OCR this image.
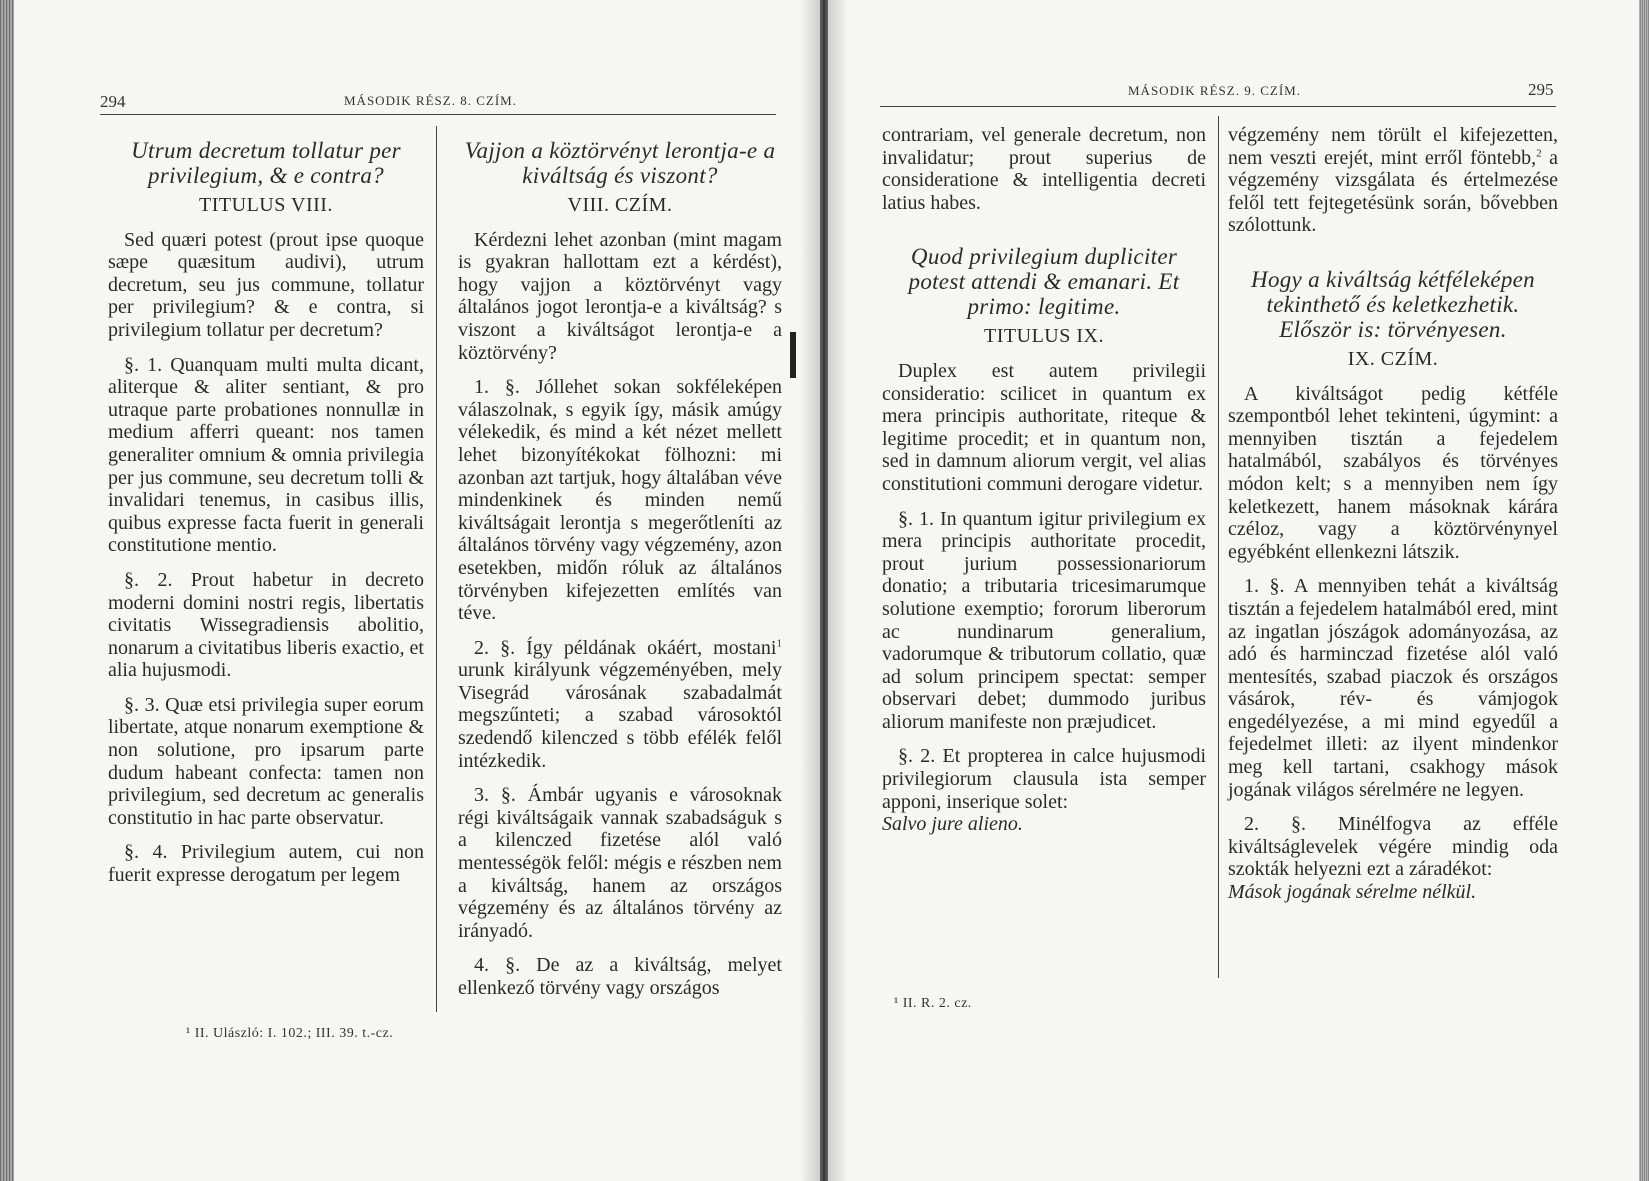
294	MÁSODIK RÉSZ. 8. CZÍM.
Utrum decretum tollatur per privilegium, & e contra?
TITULUS VIII.

Sed quæri potest (prout ipse quoque sæpe quæsitum audivi), utrum decretum, seu jus commune, tollatur per privilegium? & e contra, si privilegium tollatur per decretum?

§. 1. Quanquam multi multa dicant, aliterque & aliter sentiant, & pro utraque parte probationes nonnullæ in medium afferri queant: nos tamen generaliter omnium & omnia privilegia per jus commune, seu decretum tolli & invalidari tenemus, in casibus illis, quibus expresse facta fuerit in generali constitutione mentio.

§. 2. Prout habetur in decreto moderni domini nostri regis, libertatis civitatis Wissegradiensis abolitio, nonarum a civitatibus liberis exactio, et alia hujusmodi.

§. 3. Quæ etsi privilegia super eorum libertate, atque nonarum exemptione & non solutione, pro ipsarum parte dudum habeant confecta: tamen non privilegium, sed decretum ac generalis constitutio in hac parte observatur.

§. 4. Privilegium autem, cui non fuerit expresse derogatum per legem

Vajjon a köztörvényt lerontja-e a kiváltság és viszont?
VIII. CZÍM.

Kérdezni lehet azonban (mint magam is gyakran hallottam ezt a kérdést), hogy vajjon a köztörvényt vagy általános jogot lerontja-e a kiváltság? s viszont a kiváltságot lerontja-e a köztörvény?

1. §. Jóllehet sokan sokféleképen válaszolnak, s egyik így, másik amúgy vélekedik, és mind a két nézet mellett lehet bizonyítékokat fölhozni: mi azonban azt tartjuk, hogy általában véve mindenkinek és minden nemű kiváltságait lerontja s megerőtleníti az általános törvény vagy végzemény, azon esetekben, midőn róluk az általános törvényben kifejezetten említés van téve.

2. §. Így példának okáért, mostani$^1$ urunk királyunk végzeményében, mely Visegrád városának szabadalmát megszűnteti; a szabad városoktól szedendő kilenczed s több efélék felől intézkedik.

3. §. Ámbár ugyanis e városoknak régi kiváltságaik vannak szabadságuk s a kilenczed fizetése alól való mentességök felől: mégis e részben nem a kiváltság, hanem az országos végzemény és az általános törvény az irányadó.

4. §. De az a kiváltság, melyet ellenkező törvény vagy országos

¹ II. Ulászló: I. 102.; III. 39. t.-cz.
295
MÁSODIK RÉSZ. 9. CZÍM.

contrariam, vel generale decretum, non invalidatur; prout superius de consideratione & intelligentia decreti latius habes.

Quod privilegium dupliciter potest attendi & emanari. Et primo: legitime.
TITULUS IX.

Duplex est autem privilegii consideratio: scilicet in quantum ex mera principis authoritate, riteque & legitime procedit; et in quantum non, sed in damnum aliorum vergit, vel alias constitutioni communi derogare videtur.

§. 1. In quantum igitur privilegium ex mera principis authoritate procedit, prout jurium possessionariorum donatio; a tributaria tricesimarumque solutione exemptio; fororum liberorum ac nundinarum generalium, vadorumque & tributorum collatio, quæ ad solum principem spectat: semper observari debet; dummodo juribus aliorum manifeste non præjudicet.

§. 2. Et propterea in calce hujusmodi privilegiorum clausula ista semper apponi, inserique solet:

Salvo jure alieno.

végzemény nem törült el kifejezetten, nem veszti erejét, mint erről föntebb,$^2$ a végzemény vizsgálata és értelmezése felől tett fejtegetésünk során, bővebben szólottunk.

Hogy a kiváltság kétféleképen tekinthető és keletkezhetik. Először is: törvényesen.
IX. CZÍM.

A kiváltságot pedig kétféle szempontból lehet tekinteni, úgymint: a mennyiben tisztán a fejedelem hatalmából, szabályos és törvényes módon kelt; s a mennyiben nem így keletkezett, hanem másoknak kárára czéloz, vagy a köztörvénynyel egyébként ellenkezni látszik.

1. §. A mennyiben tehát a kiváltság tisztán a fejedelem hatalmából ered, mint az ingatlan jószágok adományozása, az adó és harminczad fizetése alól való mentesítés, szabad piaczok és országos vásárok, rév- és vámjogok engedélyezése, a mi mind egyedűl a fejedelmet illeti: az ilyent mindenkor meg kell tartani, csakhogy mások jogának világos sérelmére ne legyen.

2. §. Minélfogva az efféle kiváltságlevelek végére mindig oda szokták helyezni ezt a záradékot:

Mások jogának sérelme nélkül.
¹ II. R. 2. cz.
